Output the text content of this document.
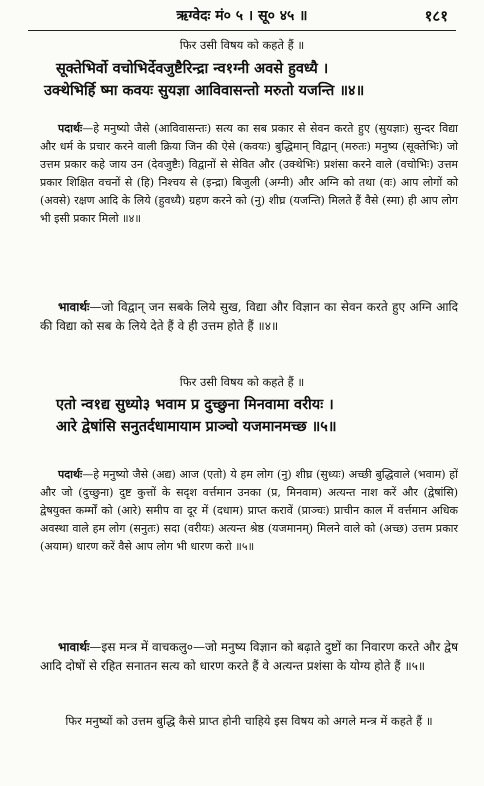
ऋग्वेदः मं० ५ । सू० ४५ ॥	१८१
फिर उसी विषय को कहते हैं ॥
सूक्तेभिर्वो वचोभिर्देवजुष्टैरिन्द्रा न्व१ग्नी अवसे हुवध्यै ।
उक्थेभिर्हि ष्मा कवयः सुयज्ञा आविवासन्तो मरुतो यजन्ति ॥४॥
पदार्थः—हे मनुष्यो जैसे (आविवासन्तः) सत्य का सब प्रकार से सेवन करते हुए (सुयज्ञाः) सुन्दर विद्या और धर्म के प्रचार करने वाली क्रिया जिन की ऐसे (कवयः) बुद्धिमान् विद्वान् (मरुतः) मनुष्य (सूक्तेभिः) जो उत्तम प्रकार कहे जाय उन (देवजुष्टैः) विद्वानों से सेवित और (उक्थेभिः) प्रशंसा करने वाले (वचोभिः) उत्तम प्रकार शिक्षित वचनों से (हि) निश्चय से (इन्द्रा) बिजुली (अग्नी) और अग्नि को तथा (वः) आप लोगों को (अवसे) रक्षण आदि के लिये (हुवध्यै) ग्रहण करने को (नु) शीघ्र (यजन्ति) मिलते हैं वैसे (स्मा) ही आप लोग भी इसी प्रकार मिलो ॥४॥
भावार्थः—जो विद्वान् जन सबके लिये सुख, विद्या और विज्ञान का सेवन करते हुए अग्नि आदि की विद्या को सब के लिये देते हैं वे ही उत्तम होते हैं ॥४॥
फिर उसी विषय को कहते हैं ॥
एतो न्व१द्य सुध्यो३ भवाम प्र दुच्छुना मिनवामा वरीयः ।
आरे द्वेषांसि सनुतर्दधामायाम प्राञ्चो यजमानमच्छ ॥५॥
पदार्थः—हे मनुष्यो जैसे (अद्य) आज (एतो) ये हम लोग (नु) शीघ्र (सुध्यः) अच्छी बुद्धिवाले (भवाम) हों और जो (दुच्छुना) दुष्ट कुत्तों के सदृश वर्त्तमान उनका (प्र, मिनवाम) अत्यन्त नाश करें और (द्वेषांसि) द्वेषयुक्त कर्म्मों को (आरे) समीप वा दूर में (दधाम) प्राप्त करावें (प्राञ्चः) प्राचीन काल में वर्त्तमान अधिक अवस्था वाले हम लोग (सनुतः) सदा (वरीयः) अत्यन्त श्रेष्ठ (यजमानम्) मिलने वाले को (अच्छ) उत्तम प्रकार (अयाम) धारण करें वैसे आप लोग भी धारण करो ॥५॥
भावार्थः—इस मन्त्र में वाचकलु०—जो मनुष्य विज्ञान को बढ़ाते दुष्टों का निवारण करते और द्वेष आदि दोषों से रहित सनातन सत्य को धारण करते हैं वे अत्यन्त प्रशंसा के योग्य होते हैं ॥५॥
फिर मनुष्यों को उत्तम बुद्धि कैसे प्राप्त होनी चाहिये इस विषय को अगले मन्त्र में कहते हैं ॥
